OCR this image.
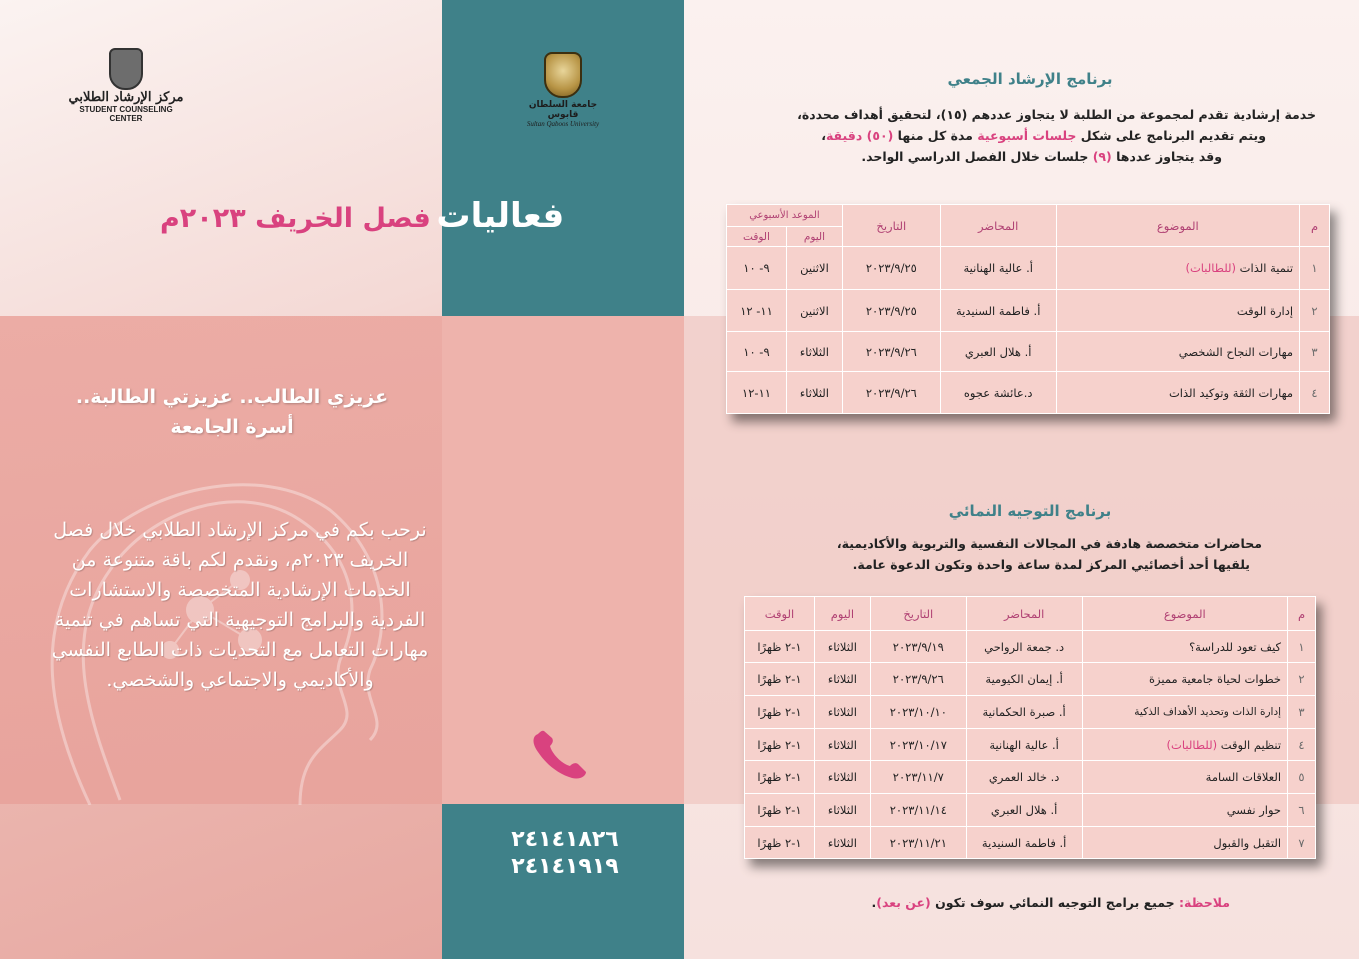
مركز الإرشاد الطلابي
STUDENT COUNSELING CENTER
جامعة السلطان قابوس
Sultan Qaboos University
فعاليات فصل الخريف ٢٠٢٣م
عزيزي الطالب.. عزيزتي الطالبة..
أسرة الجامعة
نرحب بكم في مركز الإرشاد الطلابي خلال فصل الخريف ٢٠٢٣م، ونقدم لكم باقة متنوعة من الخدمات الإرشادية المتخصصة والاستشارات الفردية والبرامج التوجيهية التي تساهم في تنمية مهارات التعامل مع التحديات ذات الطابع النفسي والأكاديمي والاجتماعي والشخصي.
٢٤١٤١٨٢٦
٢٤١٤١٩١٩
برنامج الإرشاد الجمعي
خدمة إرشادية تقدم لمجموعة من الطلبة لا يتجاوز عددهم (١٥)، لتحقيق أهداف محددة،
ويتم تقديم البرنامج على شكل جلسات أسبوعية مدة كل منها (٥٠) دقيقة،
وقد يتجاوز عددها (٩) جلسات خلال الفصل الدراسي الواحد.
م	الموضوع	المحاضر	التاريخ	الموعد الأسبوعي	
				اليوم	الوقت
١	تنمية الذات (للطالبات)	أ. عالية الهنانية	٢٠٢٣/٩/٢٥	الاثنين	٩- ١٠
٢	إدارة الوقت	أ. فاطمة السنيدية	٢٠٢٣/٩/٢٥	الاثنين	١١- ١٢
٣	مهارات النجاح الشخصي	أ. هلال العبري	٢٠٢٣/٩/٢٦	الثلاثاء	٩- ١٠
٤	مهارات الثقة وتوكيد الذات	د.عائشة عجوه	٢٠٢٣/٩/٢٦	الثلاثاء	١١-١٢
برنامج التوجيه النمائي
محاضرات متخصصة هادفة في المجالات النفسية والتربوية والأكاديمية،
يلقيها أحد أخصائيي المركز لمدة ساعة واحدة وتكون الدعوة عامة.
م	الموضوع	المحاضر	التاريخ	اليوم	الوقت
١	كيف تعود للدراسة؟	د. جمعة الرواحي	٢٠٢٣/٩/١٩	الثلاثاء	١-٢ ظهرًا
٢	خطوات لحياة جامعية مميزة	أ. إيمان الكيومية	٢٠٢٣/٩/٢٦	الثلاثاء	١-٢ ظهرًا
٣	إدارة الذات وتحديد الأهداف الذكية	أ. صبرة الحكمانية	٢٠٢٣/١٠/١٠	الثلاثاء	١-٢ ظهرًا
٤	تنظيم الوقت (للطالبات)	أ. عالية الهنانية	٢٠٢٣/١٠/١٧	الثلاثاء	١-٢ ظهرًا
٥	العلاقات السامة	د. خالد العمري	٢٠٢٣/١١/٧	الثلاثاء	١-٢ ظهرًا
٦	حوار نفسي	أ. هلال العبري	٢٠٢٣/١١/١٤	الثلاثاء	١-٢ ظهرًا
٧	التقبل والقبول	أ. فاطمة السنيدية	٢٠٢٣/١١/٢١	الثلاثاء	١-٢ ظهرًا
ملاحظة: جميع برامج التوجيه النمائي سوف تكون (عن بعد).
